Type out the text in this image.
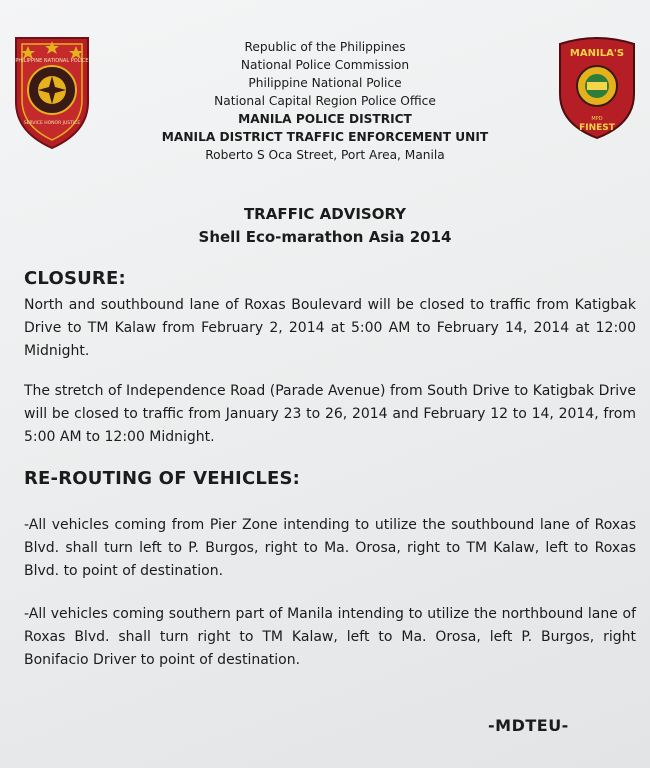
PHILIPPINE NATIONAL POLICE
SERVICE HONOR JUSTICE
MANILA'S
MPD
FINEST
Republic of the Philippines
National Police Commission
Philippine National Police
National Capital Region Police Office
MANILA POLICE DISTRICT
MANILA DISTRICT TRAFFIC ENFORCEMENT UNIT
Roberto S Oca Street, Port Area, Manila
TRAFFIC ADVISORY
Shell Eco-marathon Asia 2014
CLOSURE:
North and southbound lane of Roxas Boulevard will be closed to traffic from Katigbak Drive to TM Kalaw from February 2, 2014 at 5:00 AM to February 14, 2014 at 12:00 Midnight.
The stretch of Independence Road (Parade Avenue) from South Drive to Katigbak Drive will be closed to traffic from January 23 to 26, 2014 and February 12 to 14, 2014, from 5:00 AM to 12:00 Midnight.
RE-ROUTING OF VEHICLES:
-All vehicles coming from Pier Zone intending to utilize the southbound lane of Roxas Blvd. shall turn left to P. Burgos, right to Ma. Orosa, right to TM Kalaw, left to Roxas Blvd. to point of destination.
-All vehicles coming southern part of Manila intending to utilize the northbound lane of Roxas Blvd. shall turn right to TM Kalaw, left to Ma. Orosa, left P. Burgos, right Bonifacio Driver to point of destination.
-MDTEU-
